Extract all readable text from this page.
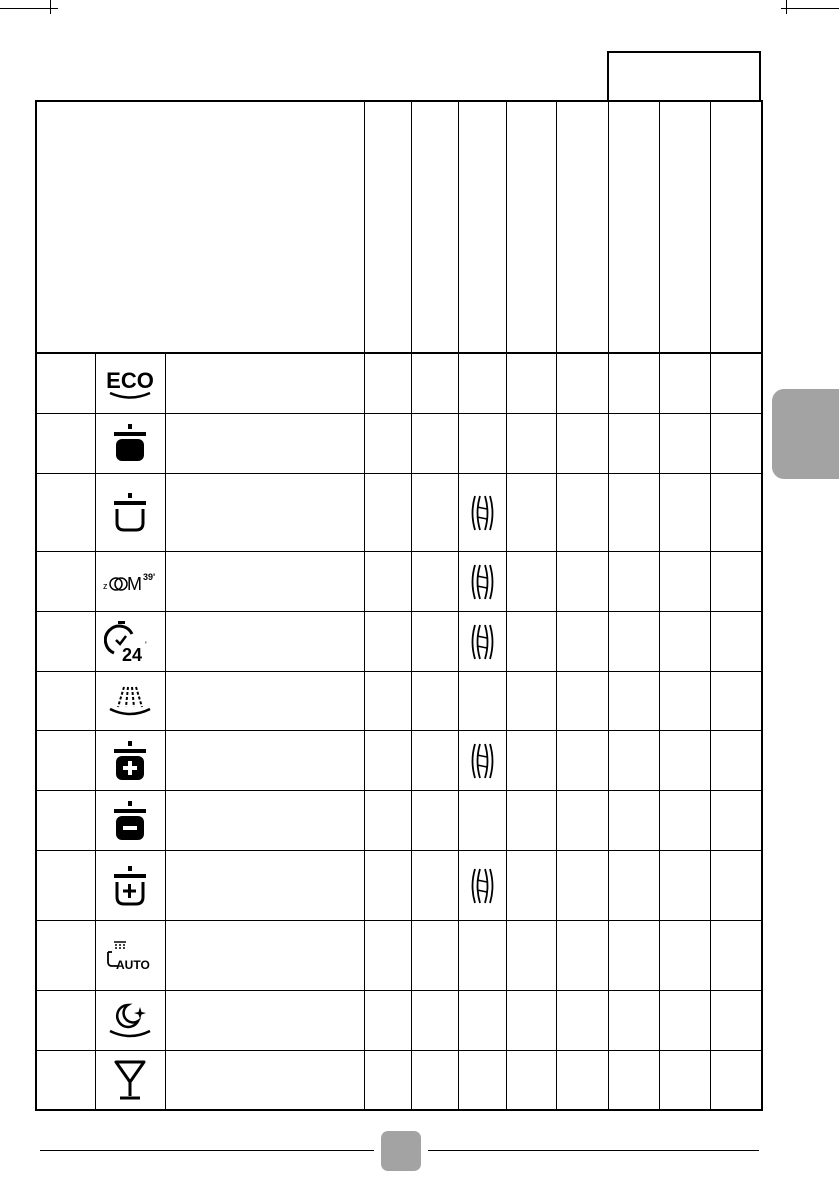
ECO
z M 39'
24 '
AUTO
